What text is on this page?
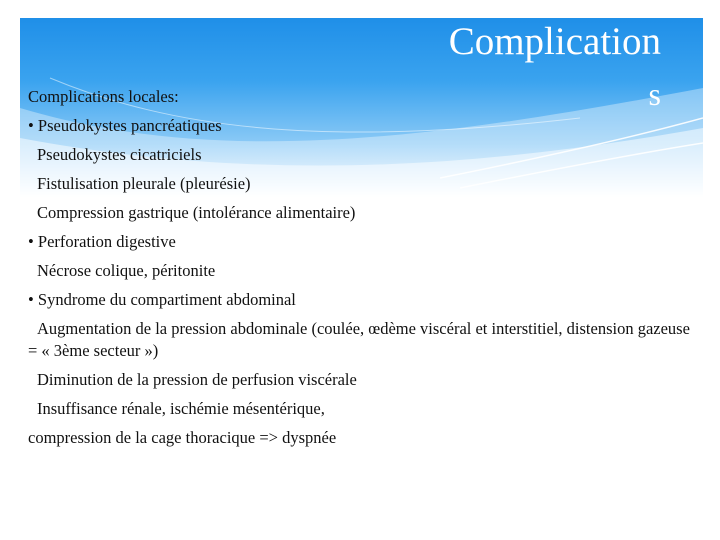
Complication
s
Complications locales:
• Pseudokystes pancréatiques
Pseudokystes cicatriciels
Fistulisation pleurale (pleurésie)
Compression gastrique (intolérance alimentaire)
• Perforation digestive
Nécrose colique, péritonite
• Syndrome du compartiment abdominal
Augmentation de la pression abdominale (coulée, œdème viscéral et interstitiel, distension gazeuse = « 3ème secteur »)
Diminution de la pression de perfusion viscérale
Insuffisance rénale, ischémie mésentérique,
compression de la cage thoracique => dyspnée
